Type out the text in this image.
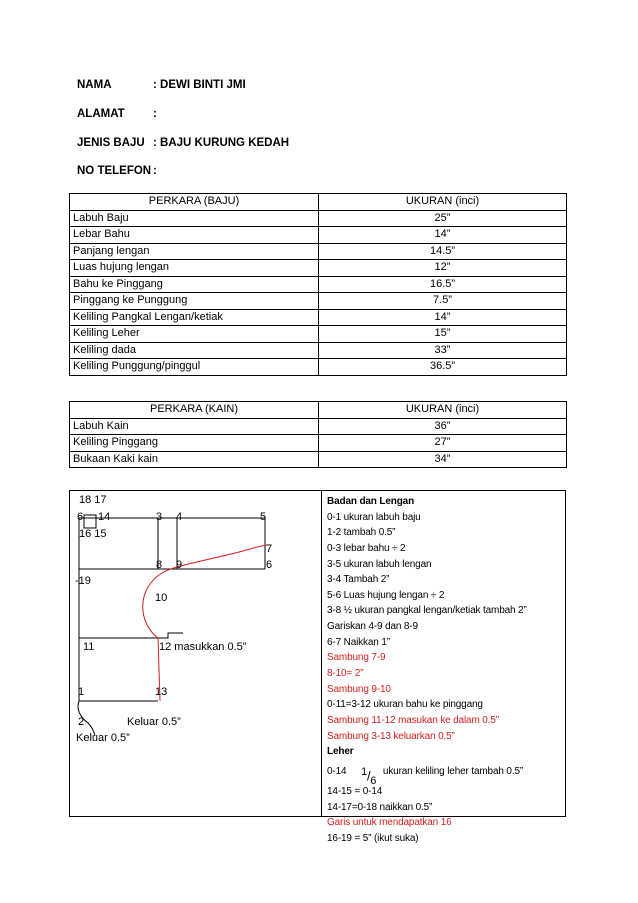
NAMA	: DEWI BINTI JMI
ALAMAT :
JENIS BAJU : BAJU KURUNG KEDAH
NO TELEFON :
PERKARA (BAJU)	UKURAN (inci)
Labuh Baju	25”
Lebar Bahu	14”
Panjang lengan	14.5”
Luas hujung lengan	12”
Bahu ke Pinggang	16.5”
Pinggang ke Punggung	7.5”
Keliling Pangkal Lengan/ketiak	14”
Keliling Leher	15”
Keliling dada	33”
Keliling Punggung/pinggul	36.5”
PERKARA (KAIN)	UKURAN (inci)
Labuh Kain	36”
Keliling Pinggang	27”
Bukaan Kaki kain	34”
18 17
6 14	3 4	5
16 15
7
8 9	6
-19
10
11	12 masukkan 0.5”
1	13
2	Keluar 0.5”
Keluar 0.5”
Badan dan Lengan
0-1 ukuran labuh baju
1-2 tambah 0.5”
0-3 lebar bahu ÷ 2
3-5 ukuran labuh lengan
3-4 Tambah 2”
5-6 Luas hujung lengan ÷ 2
3-8 ½ ukuran pangkal lengan/ketiak tambah 2”
Gariskan 4-9 dan 8-9
6-7 Naikkan 1”
Sambung 7-9
8-10= 2”
Sambung 9-10
0-11=3-12 ukuran bahu ke pinggang
Sambung 11-12 masukan ke dalam 0.5”
Sambung 3-13 keluarkan 0.5”
Leher
0-14 $^1/_6$ ukuran keliling leher tambah 0.5”
14-15 = 0-14
14-17=0-18 naikkan 0.5”
Garis untuk mendapatkan 16
16-19 = 5” (ikut suka)
